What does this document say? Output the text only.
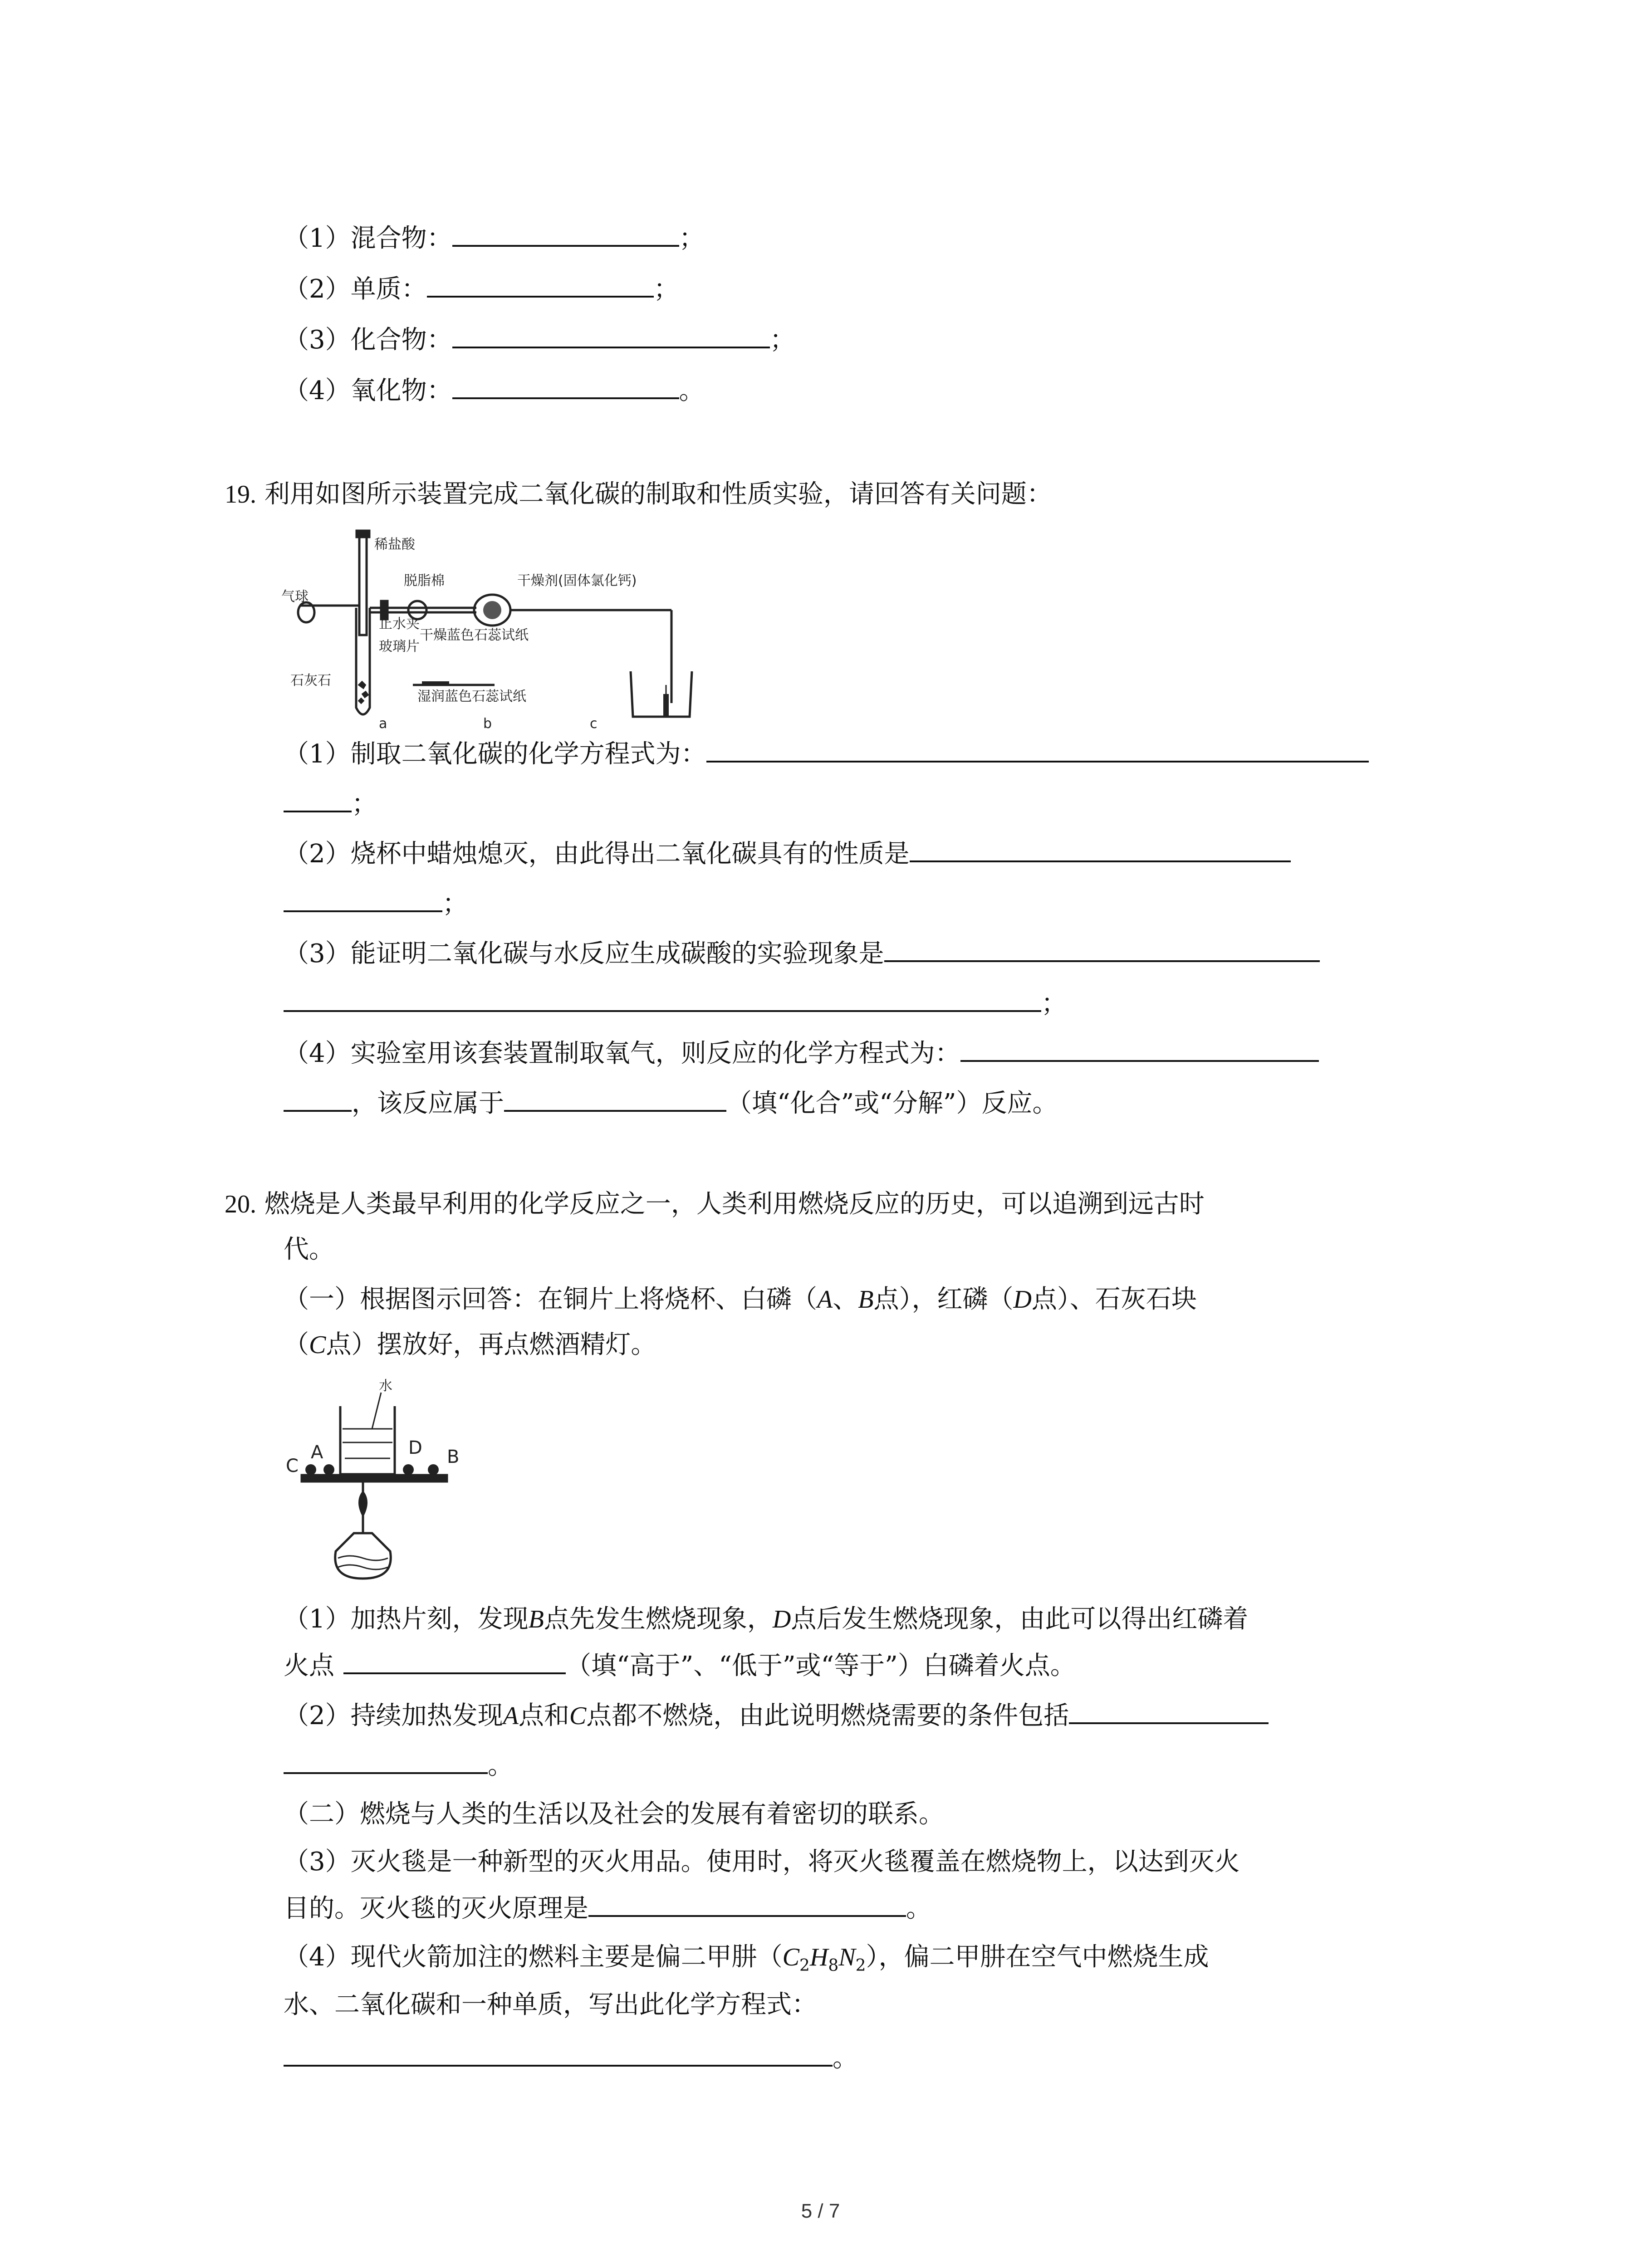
（1）混合物：	；
（2）单质：	；
（3）化合物：	；
（4）氧化物：	。
19. 利用如图所示装置完成二氧化碳的制取和性质实验，请回答有关问题：
气球
稀盐酸
脱脂棉	干燥剂(固体氯化钙)
止水夹
玻璃片
干燥蓝色石蕊试纸
石灰石
湿润蓝色石蕊试纸
a	b	c
（1）制取二氧化碳的化学方程式为：
；
（2）烧杯中蜡烛熄灭，由此得出二氧化碳具有的性质是
；
（3）能证明二氧化碳与水反应生成碳酸的实验现象是
；
（4）实验室用该套装置制取氧气，则反应的化学方程式为：
，该反应属于	（填“化合”或“分解”）反应。
20. 燃烧是人类最早利用的化学反应之一，人类利用燃烧反应的历史，可以追溯到远古时
代。
（一）根据图示回答：在铜片上将烧杯、白磷（A、B点），红磷（D点）、石灰石块
（C点）摆放好，再点燃酒精灯。
水
C
A	D B
（1）加热片刻，发现B点先发生燃烧现象，D点后发生燃烧现象，由此可以得出红磷着
火点	（填“高于”、“低于”或“等于”）白磷着火点。
（2）持续加热发现A点和C点都不燃烧，由此说明燃烧需要的条件包括
。
（二）燃烧与人类的生活以及社会的发展有着密切的联系。
（3）灭火毯是一种新型的灭火用品。使用时，将灭火毯覆盖在燃烧物上，以达到灭火
目的。灭火毯的灭火原理是	。
（4）现代火箭加注的燃料主要是偏二甲肼$(C_2H_8N_2)$，偏二甲肼在空气中燃烧生成
水、二氧化碳和一种单质，写出此化学方程式：
。
5 / 7
